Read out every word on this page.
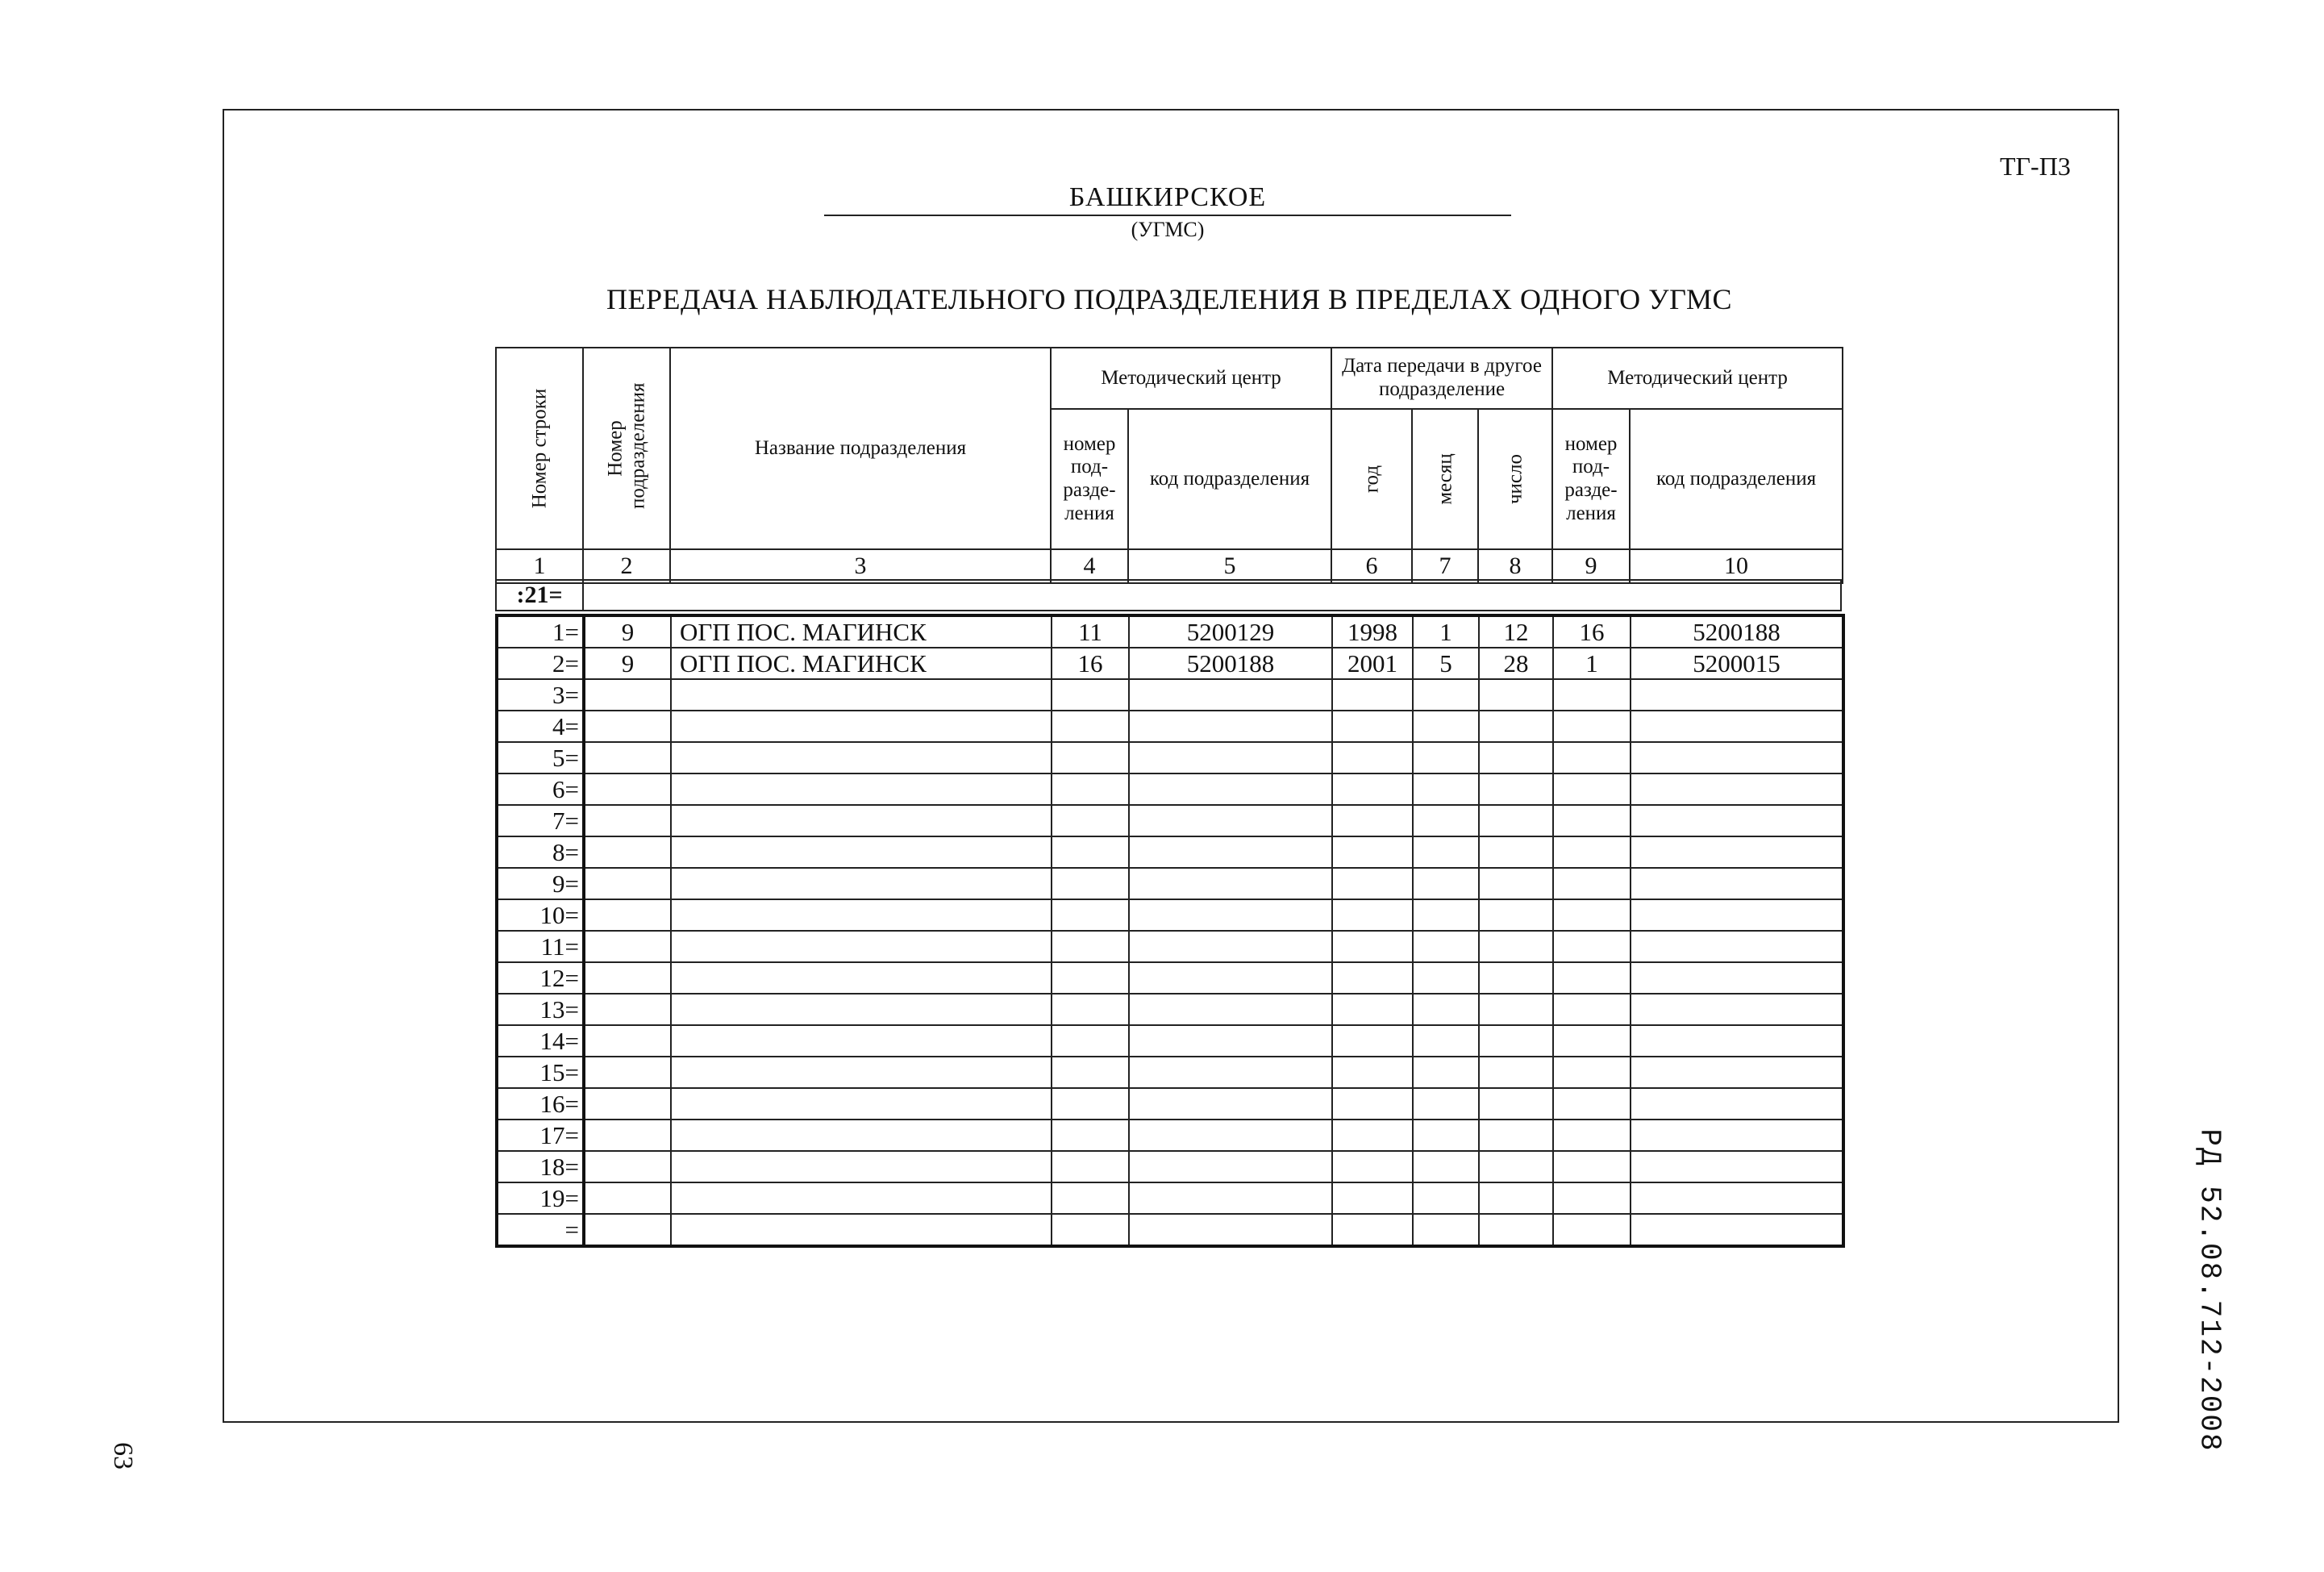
ТГ-П3
БАШКИРСКОЕ
(УГМС)
ПЕРЕДАЧА НАБЛЮДАТЕЛЬНОГО ПОДРАЗДЕЛЕНИЯ В ПРЕДЕЛАХ ОДНОГО УГМС
Номер строки	Номер подразделения	Название подразделения	Методический центр		Дата передачи в другое подразделение			Методический центр	
			номер под- разде- ления	код подразделения	год	месяц	число	номер под- разде- ления	код подразделения
1	2	3	4	5	6	7	8	9	10
:21=
1=	9	ОГП ПОС. МАГИНСК	11	5200129	1998	1	12	16	5200188
2=	9	ОГП ПОС. МАГИНСК	16	5200188	2001	5	28	1	5200015
3=									
4=									
5=									
6=									
7=									
8=									
9=									
10=									
11=									
12=									
13=									
14=									
15=									
16=									
17=									
18=									
19=									
=									
63
РД 52.08.712-2008
